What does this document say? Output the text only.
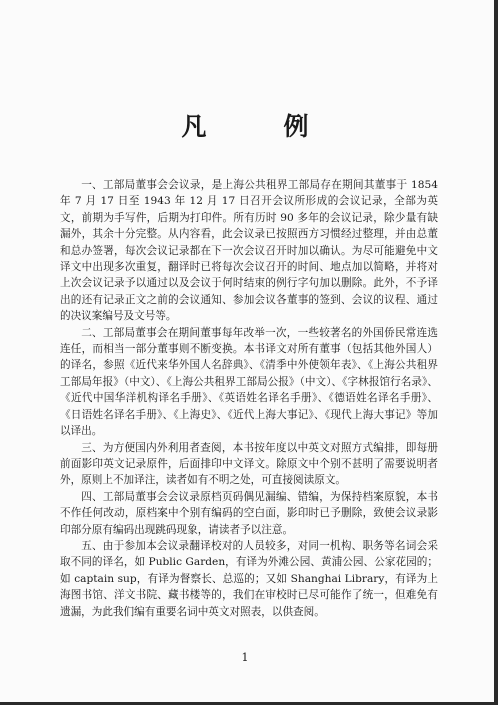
凡　例

一、工部局董事会会议录，是上海公共租界工部局存在期间其董事于 1854 年 7 月 17 日至 1943 年 12 月 17 日召开会议所形成的会议记录，全部为英文，前期为手写件，后期为打印件。所有历时 90 多年的会议记录，除少量有缺漏外，其余十分完整。从内容看，此会议录已按照西方习惯经过整理，并由总董和总办签署，每次会议记录都在下一次会议召开时加以确认。为尽可能避免中文译文中出现多次重复，翻译时已将每次会议召开的时间、地点加以简略，并将对上次会议记录予以通过以及会议于何时结束的例行字句加以删除。此外，不予译出的还有记录正文之前的会议通知、参加会议各董事的签到、会议的议程、通过的决议案编号及文号等。

二、工部局董事会在期间董事每年改举一次，一些较著名的外国侨民常连选连任，而相当一部分董事则不断变换。本书译文对所有董事（包括其他外国人）的译名，参照《近代来华外国人名辞典》、《清季中外使领年表》、《上海公共租界工部局年报》（中文）、《上海公共租界工部局公报》（中文）、《字林报馆行名录》、《近代中国华洋机构译名手册》、《英语姓名译名手册》、《德语姓名译名手册》、《日语姓名译名手册》、《上海史》、《近代上海大事记》、《现代上海大事记》等加以译出。

三、为方便国内外利用者查阅，本书按年度以中英文对照方式编排，即每册前面影印英文记录原件，后面排印中文译文。除原文中个别不甚明了需要说明者外，原则上不加译注，读者如有不明之处，可直接阅读原文。

四、工部局董事会会议录原档页码偶见漏编、错编，为保持档案原貌，本书不作任何改动，原档案中个别有编码的空白面，影印时已予删除，致使会议录影印部分原有编码出现跳码现象，请读者予以注意。

五、由于参加本会议录翻译校对的人员较多，对同一机构、职务等名词会采取不同的译名，如 Public Garden，有译为外滩公园、黄浦公园、公家花园的；如 captain sup，有译为督察长、总巡的；又如 Shanghai Library，有译为上海图书馆、洋文书院、藏书楼等的，我们在审校时已尽可能作了统一，但难免有遗漏，为此我们编有重要名词中英文对照表，以供查阅。

1
